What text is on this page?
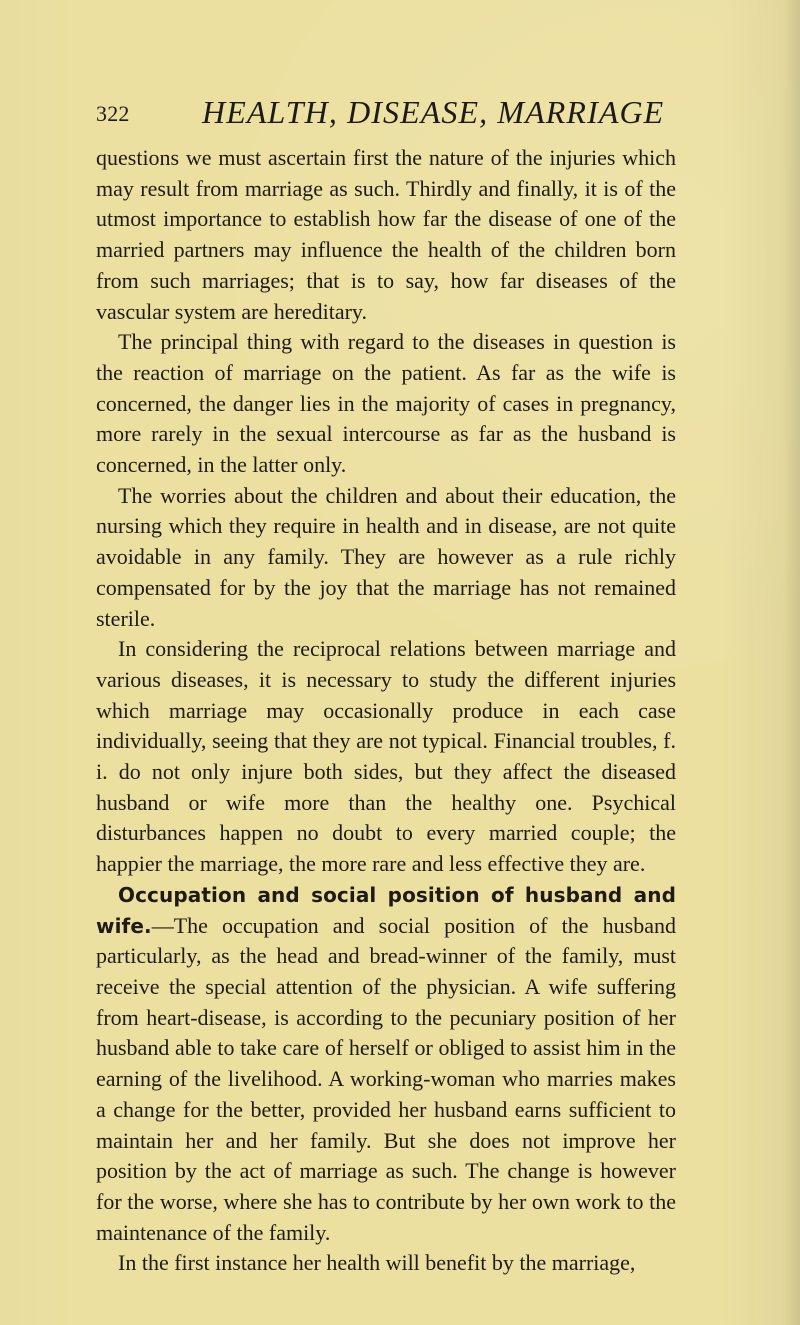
322 HEALTH, DISEASE, MARRIAGE

questions we must ascertain first the nature of the injuries which may result from marriage as such. Thirdly and finally, it is of the utmost importance to establish how far the disease of one of the married partners may influence the health of the children born from such marriages; that is to say, how far diseases of the vascular system are hereditary.

The principal thing with regard to the diseases in question is the reaction of marriage on the patient. As far as the wife is concerned, the danger lies in the majority of cases in pregnancy, more rarely in the sexual intercourse as far as the husband is concerned, in the latter only.

The worries about the children and about their education, the nursing which they require in health and in disease, are not quite avoidable in any family. They are however as a rule richly compensated for by the joy that the marriage has not remained sterile.

In considering the reciprocal relations between marriage and various diseases, it is necessary to study the different injuries which marriage may occasionally produce in each case individually, seeing that they are not typical. Financial troubles, f. i. do not only injure both sides, but they affect the diseased husband or wife more than the healthy one. Psychical disturbances happen no doubt to every married couple; the happier the marriage, the more rare and less effective they are.

Occupation and social position of husband and wife.—The occupation and social position of the husband particularly, as the head and bread-winner of the family, must receive the special attention of the physician. A wife suffering from heart-disease, is according to the pecuniary position of her husband able to take care of herself or obliged to assist him in the earning of the livelihood. A working-woman who marries makes a change for the better, provided her husband earns sufficient to maintain her and her family. But she does not improve her position by the act of marriage as such. The change is however for the worse, where she has to contribute by her own work to the maintenance of the family.

In the first instance her health will benefit by the marriage,
